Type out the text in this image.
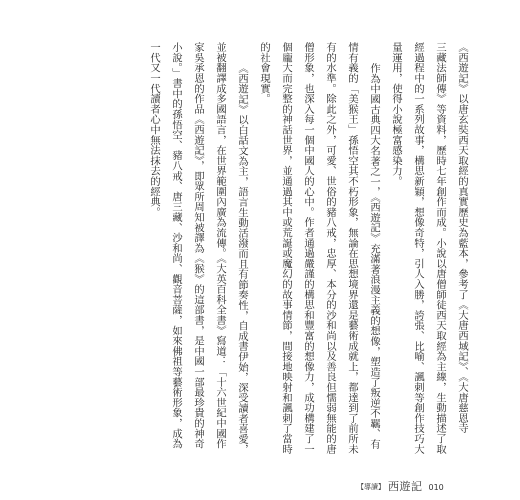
《西遊記》以唐玄奘西天取經的真實歷史為藍本，參考了《大唐西域記》、《大唐慈恩寺
三藏法師傳》等資料，歷時七年創作而成。小說以唐僧師徒西天取經為主線，生動描述了取
經過程中的一系列故事，構思新穎，想像奇特，引人入勝，誇張、比喻、諷刺等創作技巧大
量運用，使得小說極富感染力。
作為中國古典四大名著之一，《西遊記》充滿著浪漫主義的想像，塑造了叛逆不羈、有
情有義的「美猴王」孫悟空其不朽形象，無論在思想境界還是藝術成就上，都達到了前所未
有的水準。除此之外，可愛、世俗的豬八戒，忠厚、本分的沙和尚以及善良但懦弱無能的唐
僧形象，也深入每一個中國人的心中。作者通過嚴謹的構思和豐富的想像力，成功構建了一
個龐大而完整的神話世界，並通過其中或荒誕或魔幻的故事情節，間接地映射和諷刺了當時
的社會現實。
《西遊記》以白話文為主，語言生動活潑而且有節奏性，自成書伊始，深受讀者喜愛，
並被翻譯成多國語言，在世界範圍內廣為流傳。《大英百科全書》寫道：「十六世紀中國作
家吳承恩的作品《西遊記》，即眾所周知被譯為《猴》的這部書，是中國一部最珍貴的神奇
小說。」書中的孫悟空、豬八戒、唐三藏、沙和尚、觀音菩薩，如來佛祖等藝術形象，成為
一代又一代讀者心中無法抹去的經典。
【導讀】 西遊記 010
